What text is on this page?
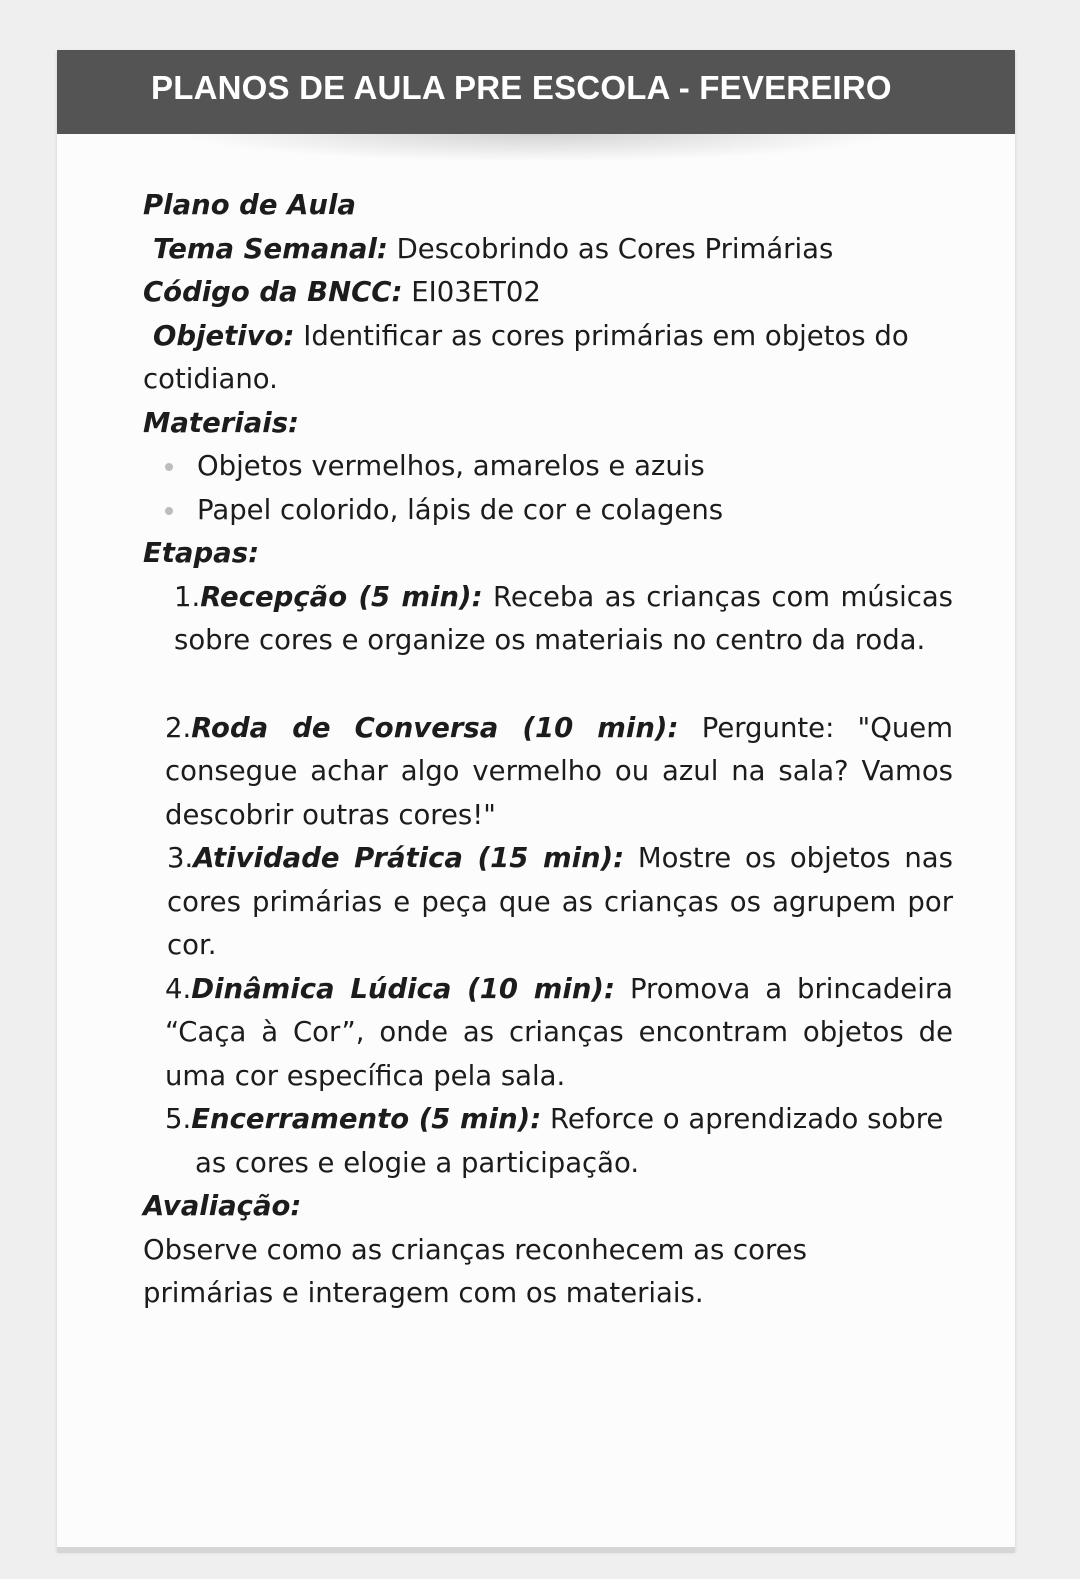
PLANOS DE AULA PRE ESCOLA - FEVEREIRO
Plano de Aula
Tema Semanal: Descobrindo as Cores Primárias
Código da BNCC: EI03ET02
Objetivo: Identificar as cores primárias em objetos do cotidiano.
Materiais:
Objetos vermelhos, amarelos e azuis
Papel colorido, lápis de cor e colagens
Etapas:
1.Recepção (5 min): Receba as crianças com músicas sobre cores e organize os materiais no centro da roda.
2.Roda de Conversa (10 min): Pergunte: "Quem consegue achar algo vermelho ou azul na sala? Vamos descobrir outras cores!"
3.Atividade Prática (15 min): Mostre os objetos nas cores primárias e peça que as crianças os agrupem por cor.
4.Dinâmica Lúdica (10 min): Promova a brincadeira “Caça à Cor”, onde as crianças encontram objetos de uma cor específica pela sala.
5.Encerramento (5 min): Reforce o aprendizado sobre
as cores e elogie a participação.
Avaliação:
Observe como as crianças reconhecem as cores
primárias e interagem com os materiais.
